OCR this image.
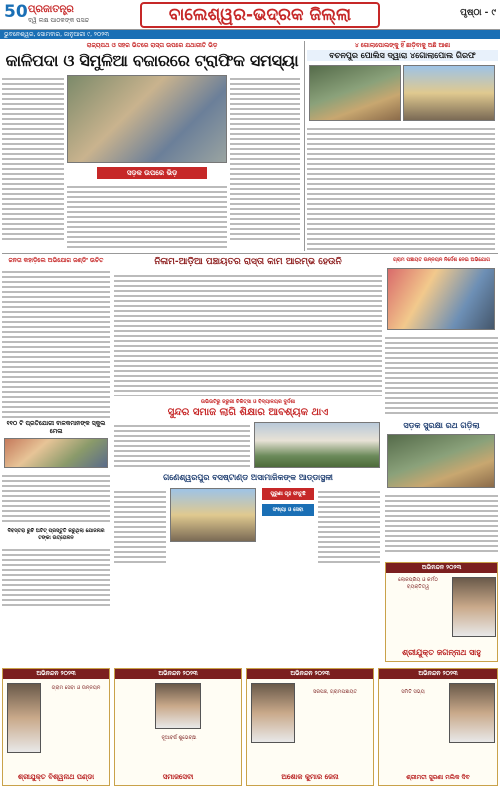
50 ପ୍ରଜାତନ୍ତ୍ର
ଦ୍ୱି ଲକ୍ଷ ପାଠକଙ୍କ ପସନ୍ଦ	ବାଲେଶ୍ୱର-ଭଦ୍ରକ ଜିଲ୍ଲା	ପୃଷ୍ଠା - ୯
ଭୁବନେଶ୍ୱର, ସୋମବାର, ଜାନୁଆରୀ ୯, ୨୦୨୩
ରାଜ୍ୟପଥ ଓ ସହର ଭିତରେ ରାସ୍ତା ଉପରେ ଯଥାରୀତି ଭିଡ଼
କାଳିପଦା ଓ ସିମୁଳିଆ ବଜାରରେ ଟ୍ରାଫିକ ସମସ୍ୟା
ସଡ଼କ ଉପରେ ଭିଡ଼
୪ ଗୋଲାପୋଲଙ୍କୁ ହିଁ ଛାଡ଼ିବାକୁ ଅଛି ଆଶା
ବଚନପୁର ପୋଲିସ ଦ୍ୱାରା ୪ଗୋଲାପୋଲ ଗିରଫ
ଜନତା କହାଡ଼ିଲେ ଅଭିଯୋଗ ଜଣ୍ଡିଂ ଉଚିତ	ନିଳାମ-ଆଡ଼ିଆ ପଞ୍ଚାୟତର ରାସ୍ତା କାମ ଆରମ୍ଭ ହେଉନି	ଗ୍ରାମ ପଞ୍ଚାୟତ ଉନ୍ନୟନ ନିର୍ଦ୍ଦେଶ ନେଇ ଅଭିଯୋଗ
ଉଭିଉଟିରୁ ଜରୁରୀ ଚିକିତ୍ସା ଓ ବିଦ୍ୟାଳୟର ଦୁର୍ଦ୍ଦଶା
ସୁନ୍ଦର ସମାଜ ଲାଗି ଶିକ୍ଷାର ଆବଶ୍ୟକ ଥାଏ
୧୧୦ ଟି ପ୍ରତିଯୋଗୀ ବାଳକମାନଙ୍କ ସ୍କୁଲ ମେଳା
ଗଣେଶ୍ୱରପୁର ବସଷ୍ଟାଣ୍ଡ ଅସାମାଜିକଙ୍କ ଆଡ୍ଡାସ୍ଥଳୀ
ପୁରୁଣା ଗୃହ ଫାଟୁଛି
ସଂଖ୍ୟା ଓ ସେବା
ଦିବସ୍ତରା ରୁଚି ଅଟିଟ୍ ପ୍ରସ୍ତୁତି କରୁଥିଲା ଯୋଜନାର ଟଙ୍କା ଉତ୍ତୋଳନ
ସଡ଼କ ସୁରକ୍ଷା ରଥ ଗଡ଼ିଲା
ଅଭିନନ୍ଦନ ୨୦୨୩
ଲୋକପ୍ରିୟ ଓ କର୍ମଠ ବ୍ୟକ୍ତିତ୍ୱ
ଶ୍ରୀଯୁକ୍ତ ଜଗନ୍ନାଥ ସାହୁ
ଅଭିନନ୍ଦନ ୨୦୨୩
ଗ୍ରାମ ସେବା ଓ ଉନ୍ନୟନ
ଶ୍ରୀଯୁକ୍ତ ବିଶ୍ୱନାଥ ପଣ୍ଡା
ଅଭିନନ୍ଦନ ୨୦୨୩
ନୂଆବର୍ଷ ଶୁଭେଚ୍ଛା
ସମାଜସେବୀ
ଅଭିନନ୍ଦନ ୨୦୨୩
ସରପଞ୍ଚ, ଗ୍ରାମପଞ୍ଚାୟତ
ଅଶୋକ କୁମାର ଜେନା
ଅଭିନନ୍ଦନ ୨୦୨୩
ସମିତି ସଭ୍ୟ
ଶ୍ରୀମତୀ ସୁରଣା ମଲିକ ଦିବ
